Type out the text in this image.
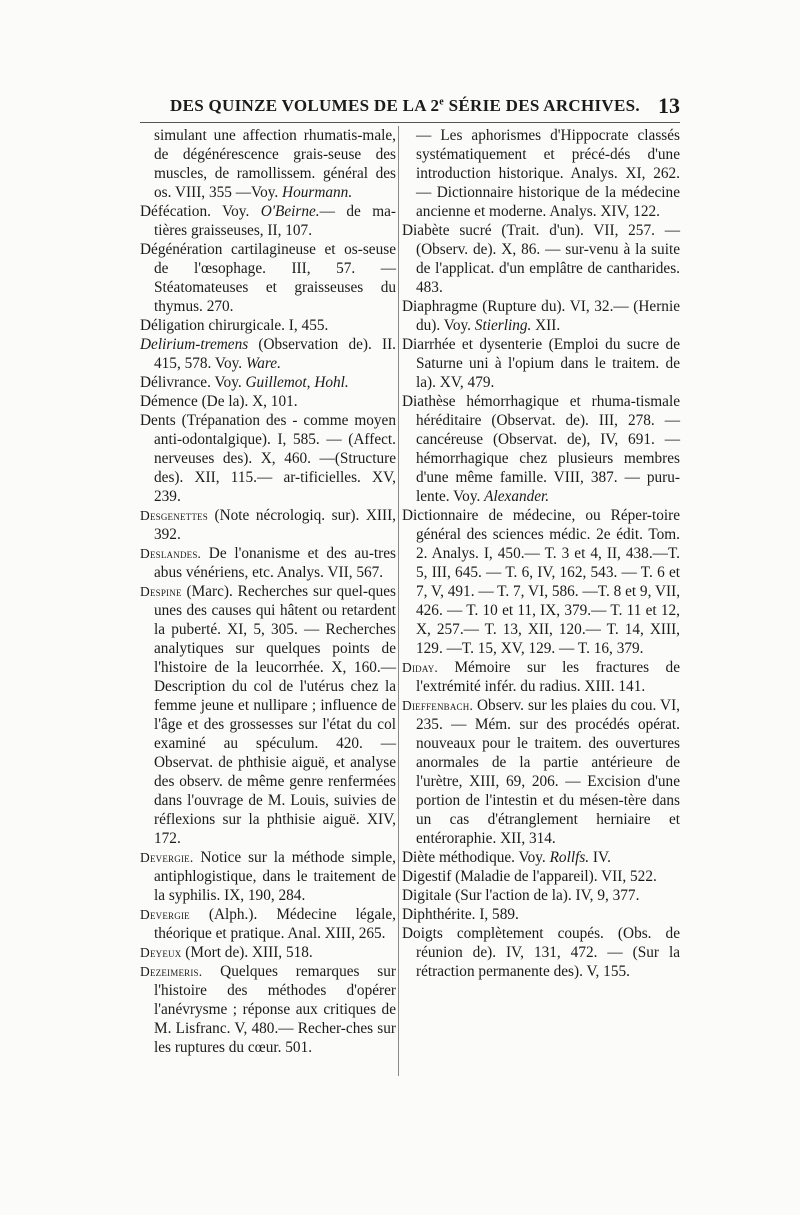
DES QUINZE VOLUMES DE LA 2e SÉRIE DES ARCHIVES. 13

simulant une affection rhumatis-male, de dégénérescence grais-seuse des muscles, de ramollissem. général des os. VIII, 355 —Voy. Hourmann.

Défécation. Voy. O'Beirne.— de ma-tières graisseuses, II, 107.

Dégénération cartilagineuse et os-seuse de l'œsophage. III, 57. — Stéatomateuses et graisseuses du thymus. 270.

Déligation chirurgicale. I, 455.

Delirium-tremens (Observation de). II. 415, 578. Voy. Ware.

Délivrance. Voy. Guillemot, Hohl.

Démence (De la). X, 101.

Dents (Trépanation des - comme moyen anti-odontalgique). I, 585. — (Affect. nerveuses des). X, 460. —(Structure des). XII, 115.— ar-tificielles. XV, 239.

Desgenettes (Note nécrologiq. sur). XIII, 392.

Deslandes. De l'onanisme et des au-tres abus vénériens, etc. Analys. VII, 567.

Despine (Marc). Recherches sur quel-ques unes des causes qui hâtent ou retardent la puberté. XI, 5, 305. — Recherches analytiques sur quelques points de l'histoire de la leucorrhée. X, 160.— Description du col de l'utérus chez la femme jeune et nullipare ; influence de l'âge et des grossesses sur l'état du col examiné au spéculum. 420. — Observat. de phthisie aiguë, et analyse des observ. de même genre renfermées dans l'ouvrage de M. Louis, suivies de réflexions sur la phthisie aiguë. XIV, 172.

Devergie. Notice sur la méthode simple, antiphlogistique, dans le traitement de la syphilis. IX, 190, 284.

Devergie (Alph.). Médecine légale, théorique et pratique. Anal. XIII, 265.

Deyeux (Mort de). XIII, 518.

Dezeimeris. Quelques remarques sur l'histoire des méthodes d'opérer l'anévrysme ; réponse aux critiques de M. Lisfranc. V, 480.— Recher-ches sur les ruptures du cœur. 501.

— Les aphorismes d'Hippocrate classés systématiquement et précé-dés d'une introduction historique. Analys. XI, 262. — Dictionnaire historique de la médecine ancienne et moderne. Analys. XIV, 122.

Diabète sucré (Trait. d'un). VII, 257. — (Observ. de). X, 86. — sur-venu à la suite de l'applicat. d'un emplâtre de cantharides. 483.

Diaphragme (Rupture du). VI, 32.— (Hernie du). Voy. Stierling. XII.

Diarrhée et dysenterie (Emploi du sucre de Saturne uni à l'opium dans le traitem. de la). XV, 479.

Diathèse hémorrhagique et rhuma-tismale héréditaire (Observat. de). III, 278. — cancéreuse (Observat. de), IV, 691. — hémorrhagique chez plusieurs membres d'une même famille. VIII, 387. — puru-lente. Voy. Alexander.

Dictionnaire de médecine, ou Réper-toire général des sciences médic. 2e édit. Tom. 2. Analys. I, 450.— T. 3 et 4, II, 438.—T. 5, III, 645. — T. 6, IV, 162, 543. — T. 6 et 7, V, 491. — T. 7, VI, 586. —T. 8 et 9, VII, 426. — T. 10 et 11, IX, 379.— T. 11 et 12, X, 257.— T. 13, XII, 120.— T. 14, XIII, 129. —T. 15, XV, 129. — T. 16, 379.

Diday. Mémoire sur les fractures de l'extrémité infér. du radius. XIII. 141.

Dieffenbach. Observ. sur les plaies du cou. VI, 235. — Mém. sur des procédés opérat. nouveaux pour le traitem. des ouvertures anormales de la partie antérieure de l'urètre, XIII, 69, 206. — Excision d'une portion de l'intestin et du mésen-tère dans un cas d'étranglement herniaire et entéroraphie. XII, 314.

Diète méthodique. Voy. Rollfs. IV.

Digestif (Maladie de l'appareil). VII, 522.

Digitale (Sur l'action de la). IV, 9, 377.

Diphthérite. I, 589.

Doigts complètement coupés. (Obs. de réunion de). IV, 131, 472. — (Sur la rétraction permanente des). V, 155.
